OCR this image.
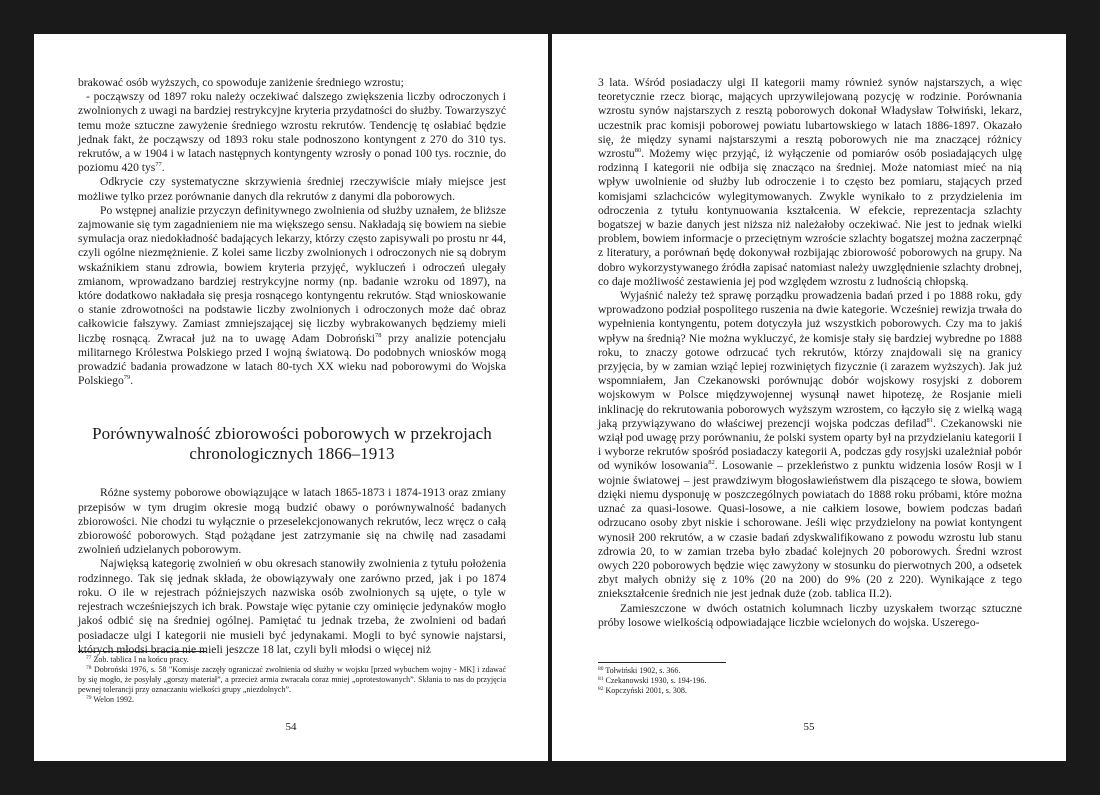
brakować osób wyższych, co spowoduje zaniżenie średniego wzrostu;

- począwszy od 1897 roku należy oczekiwać dalszego zwiększenia liczby odroczonych i zwolnionych z uwagi na bardziej restrykcyjne kryteria przydatności do służby. Towarzyszyć temu może sztuczne zawyżenie średniego wzrostu rekrutów. Tendencję tę osłabiać będzie jednak fakt, że począwszy od 1893 roku stale podnoszono kontyngent z 270 do 310 tys. rekrutów, a w 1904 i w latach następnych kontyngenty wzrosły o ponad 100 tys. rocznie, do poziomu 420 tys$^{77}$.

Odkrycie czy systematyczne skrzywienia średniej rzeczywiście miały miejsce jest możliwe tylko przez porównanie danych dla rekrutów z danymi dla poborowych.

Po wstępnej analizie przyczyn definitywnego zwolnienia od służby uznałem, że bliższe zajmowanie się tym zagadnieniem nie ma większego sensu. Nakładają się bowiem na siebie symulacja oraz niedokładność badających lekarzy, którzy często zapisywali po prostu nr 44, czyli ogólne niezmężnienie. Z kolei same liczby zwolnionych i odroczonych nie są dobrym wskaźnikiem stanu zdrowia, bowiem kryteria przyjęć, wykluczeń i odroczeń ulegały zmianom, wprowadzano bardziej restrykcyjne normy (np. badanie wzroku od 1897), na które dodatkowo nakładała się presja rosnącego kontyngentu rekrutów. Stąd wnioskowanie o stanie zdrowotności na podstawie liczby zwolnionych i odroczonych może dać obraz całkowicie fałszywy. Zamiast zmniejszającej się liczby wybrakowanych będziemy mieli liczbę rosnącą. Zwracał już na to uwagę Adam Dobroński$^{78}$ przy analizie potencjału militarnego Królestwa Polskiego przed I wojną światową. Do podobnych wniosków mogą prowadzić badania prowadzone w latach 80-tych XX wieku nad poborowymi do Wojska Polskiego$^{79}$.

Porównywalność zbiorowości poborowych w przekrojach chronologicznych 1866–1913

Różne systemy poborowe obowiązujące w latach 1865-1873 i 1874-1913 oraz zmiany przepisów w tym drugim okresie mogą budzić obawy o porównywalność badanych zbiorowości. Nie chodzi tu wyłącznie o przeselekcjonowanych rekrutów, lecz wręcz o całą zbiorowość poborowych. Stąd pożądane jest zatrzymanie się na chwilę nad zasadami zwolnień udzielanych poborowym.

Najwięksą kategorię zwolnień w obu okresach stanowiły zwolnienia z tytułu położenia rodzinnego. Tak się jednak składa, że obowiązywały one zarówno przed, jak i po 1874 roku. O ile w rejestrach późniejszych nazwiska osób zwolnionych są ujęte, o tyle w rejestrach wcześniejszych ich brak. Powstaje więc pytanie czy ominięcie jedynaków mogło jakoś odbić się na średniej ogólnej. Pamiętać tu jednak trzeba, że zwolnieni od badań posiadacze ulgi I kategorii nie musieli być jedynakami. Mogli to być synowie najstarsi, których młodsi bracia nie mieli jeszcze 18 lat, czyli byli młodsi o więcej niż

$^{77}$ Zob. tablica I na końcu pracy.

$^{78}$ Dobroński 1976, s. 58 "Komisje zaczęły ograniczać zwolnienia od służby w wojsku [przed wybuchem wojny - MK] i zdawać by się mogło, że posyłały „gorszy materiał”, a przecież armia zwracała coraz mniej „oprotestowanych”. Skłania to nas do przyjęcia pewnej tolerancji przy oznaczaniu wielkości grupy „niezdolnych”.

$^{79}$ Welon 1992.

54

3 lata. Wśród posiadaczy ulgi II kategorii mamy również synów najstarszych, a więc teoretycznie rzecz biorąc, mających uprzywilejowaną pozycję w rodzinie. Porównania wzrostu synów najstarszych z resztą poborowych dokonał Władysław Tołwiński, lekarz, uczestnik prac komisji poborowej powiatu lubartowskiego w latach 1886-1897. Okazało się, że między synami najstarszymi a resztą poborowych nie ma znaczącej różnicy wzrostu$^{80}$. Możemy więc przyjąć, iż wyłączenie od pomiarów osób posiadających ulgę rodzinną I kategorii nie odbija się znacząco na średniej. Może natomiast mieć na nią wpływ uwolnienie od służby lub odroczenie i to często bez pomiaru, stających przed komisjami szlachciców wylegitymowanych. Zwykle wynikało to z przydzielenia im odroczenia z tytułu kontynuowania kształcenia. W efekcie, reprezentacja szlachty bogatszej w bazie danych jest niższa niż należałoby oczekiwać. Nie jest to jednak wielki problem, bowiem informacje o przeciętnym wzroście szlachty bogatszej można zaczerpnąć z literatury, a porównań będę dokonywał rozbijając zbiorowość poborowych na grupy. Na dobro wykorzystywanego źródła zapisać natomiast należy uwzględnienie szlachty drobnej, co daje możliwość zestawienia jej pod względem wzrostu z ludnością chłopską.

Wyjaśnić należy też sprawę porządku prowadzenia badań przed i po 1888 roku, gdy wprowadzono podział pospolitego ruszenia na dwie kategorie. Wcześniej rewizja trwała do wypełnienia kontyngentu, potem dotyczyła już wszystkich poborowych. Czy ma to jakiś wpływ na średnią? Nie można wykluczyć, że komisje stały się bardziej wybredne po 1888 roku, to znaczy gotowe odrzucać tych rekrutów, którzy znajdowali się na granicy przyjęcia, by w zamian wziąć lepiej rozwiniętych fizycznie (i zarazem wyższych). Jak już wspomniałem, Jan Czekanowski porównując dobór wojskowy rosyjski z doborem wojskowym w Polsce międzywojennej wysunął nawet hipotezę, że Rosjanie mieli inklinację do rekrutowania poborowych wyższym wzrostem, co łączyło się z wielką wagą jaką przywiązywano do właściwej prezencji wojska podczas defilad$^{81}$. Czekanowski nie wziął pod uwagę przy porównaniu, że polski system oparty był na przydzielaniu kategorii I i wyborze rekrutów spośród posiadaczy kategorii A, podczas gdy rosyjski uzależniał pobór od wyników losowania$^{82}$. Losowanie – przekleństwo z punktu widzenia losów Rosji w I wojnie światowej – jest prawdziwym błogosławieństwem dla piszącego te słowa, bowiem dzięki niemu dysponuję w poszczególnych powiatach do 1888 roku próbami, które można uznać za quasi-losowe. Quasi-losowe, a nie całkiem losowe, bowiem podczas badań odrzucano osoby zbyt niskie i schorowane. Jeśli więc przydzielony na powiat kontyngent wynosił 200 rekrutów, a w czasie badań zdyskwalifikowano z powodu wzrostu lub stanu zdrowia 20, to w zamian trzeba było zbadać kolejnych 20 poborowych. Średni wzrost owych 220 poborowych będzie więc zawyżony w stosunku do pierwotnych 200, a odsetek zbyt małych obniży się z 10% (20 na 200) do 9% (20 z 220). Wynikające z tego zniekształcenie średnich nie jest jednak duże (zob. tablica II.2).

Zamieszczone w dwóch ostatnich kolumnach liczby uzyskałem tworząc sztuczne próby losowe wielkością odpowiadające liczbie wcielonych do wojska. Uszerego-

$^{80}$ Tołwiński 1902, s. 366.

$^{81}$ Czekanowski 1930, s. 194-196.

$^{82}$ Kopczyński 2001, s. 308.

55
